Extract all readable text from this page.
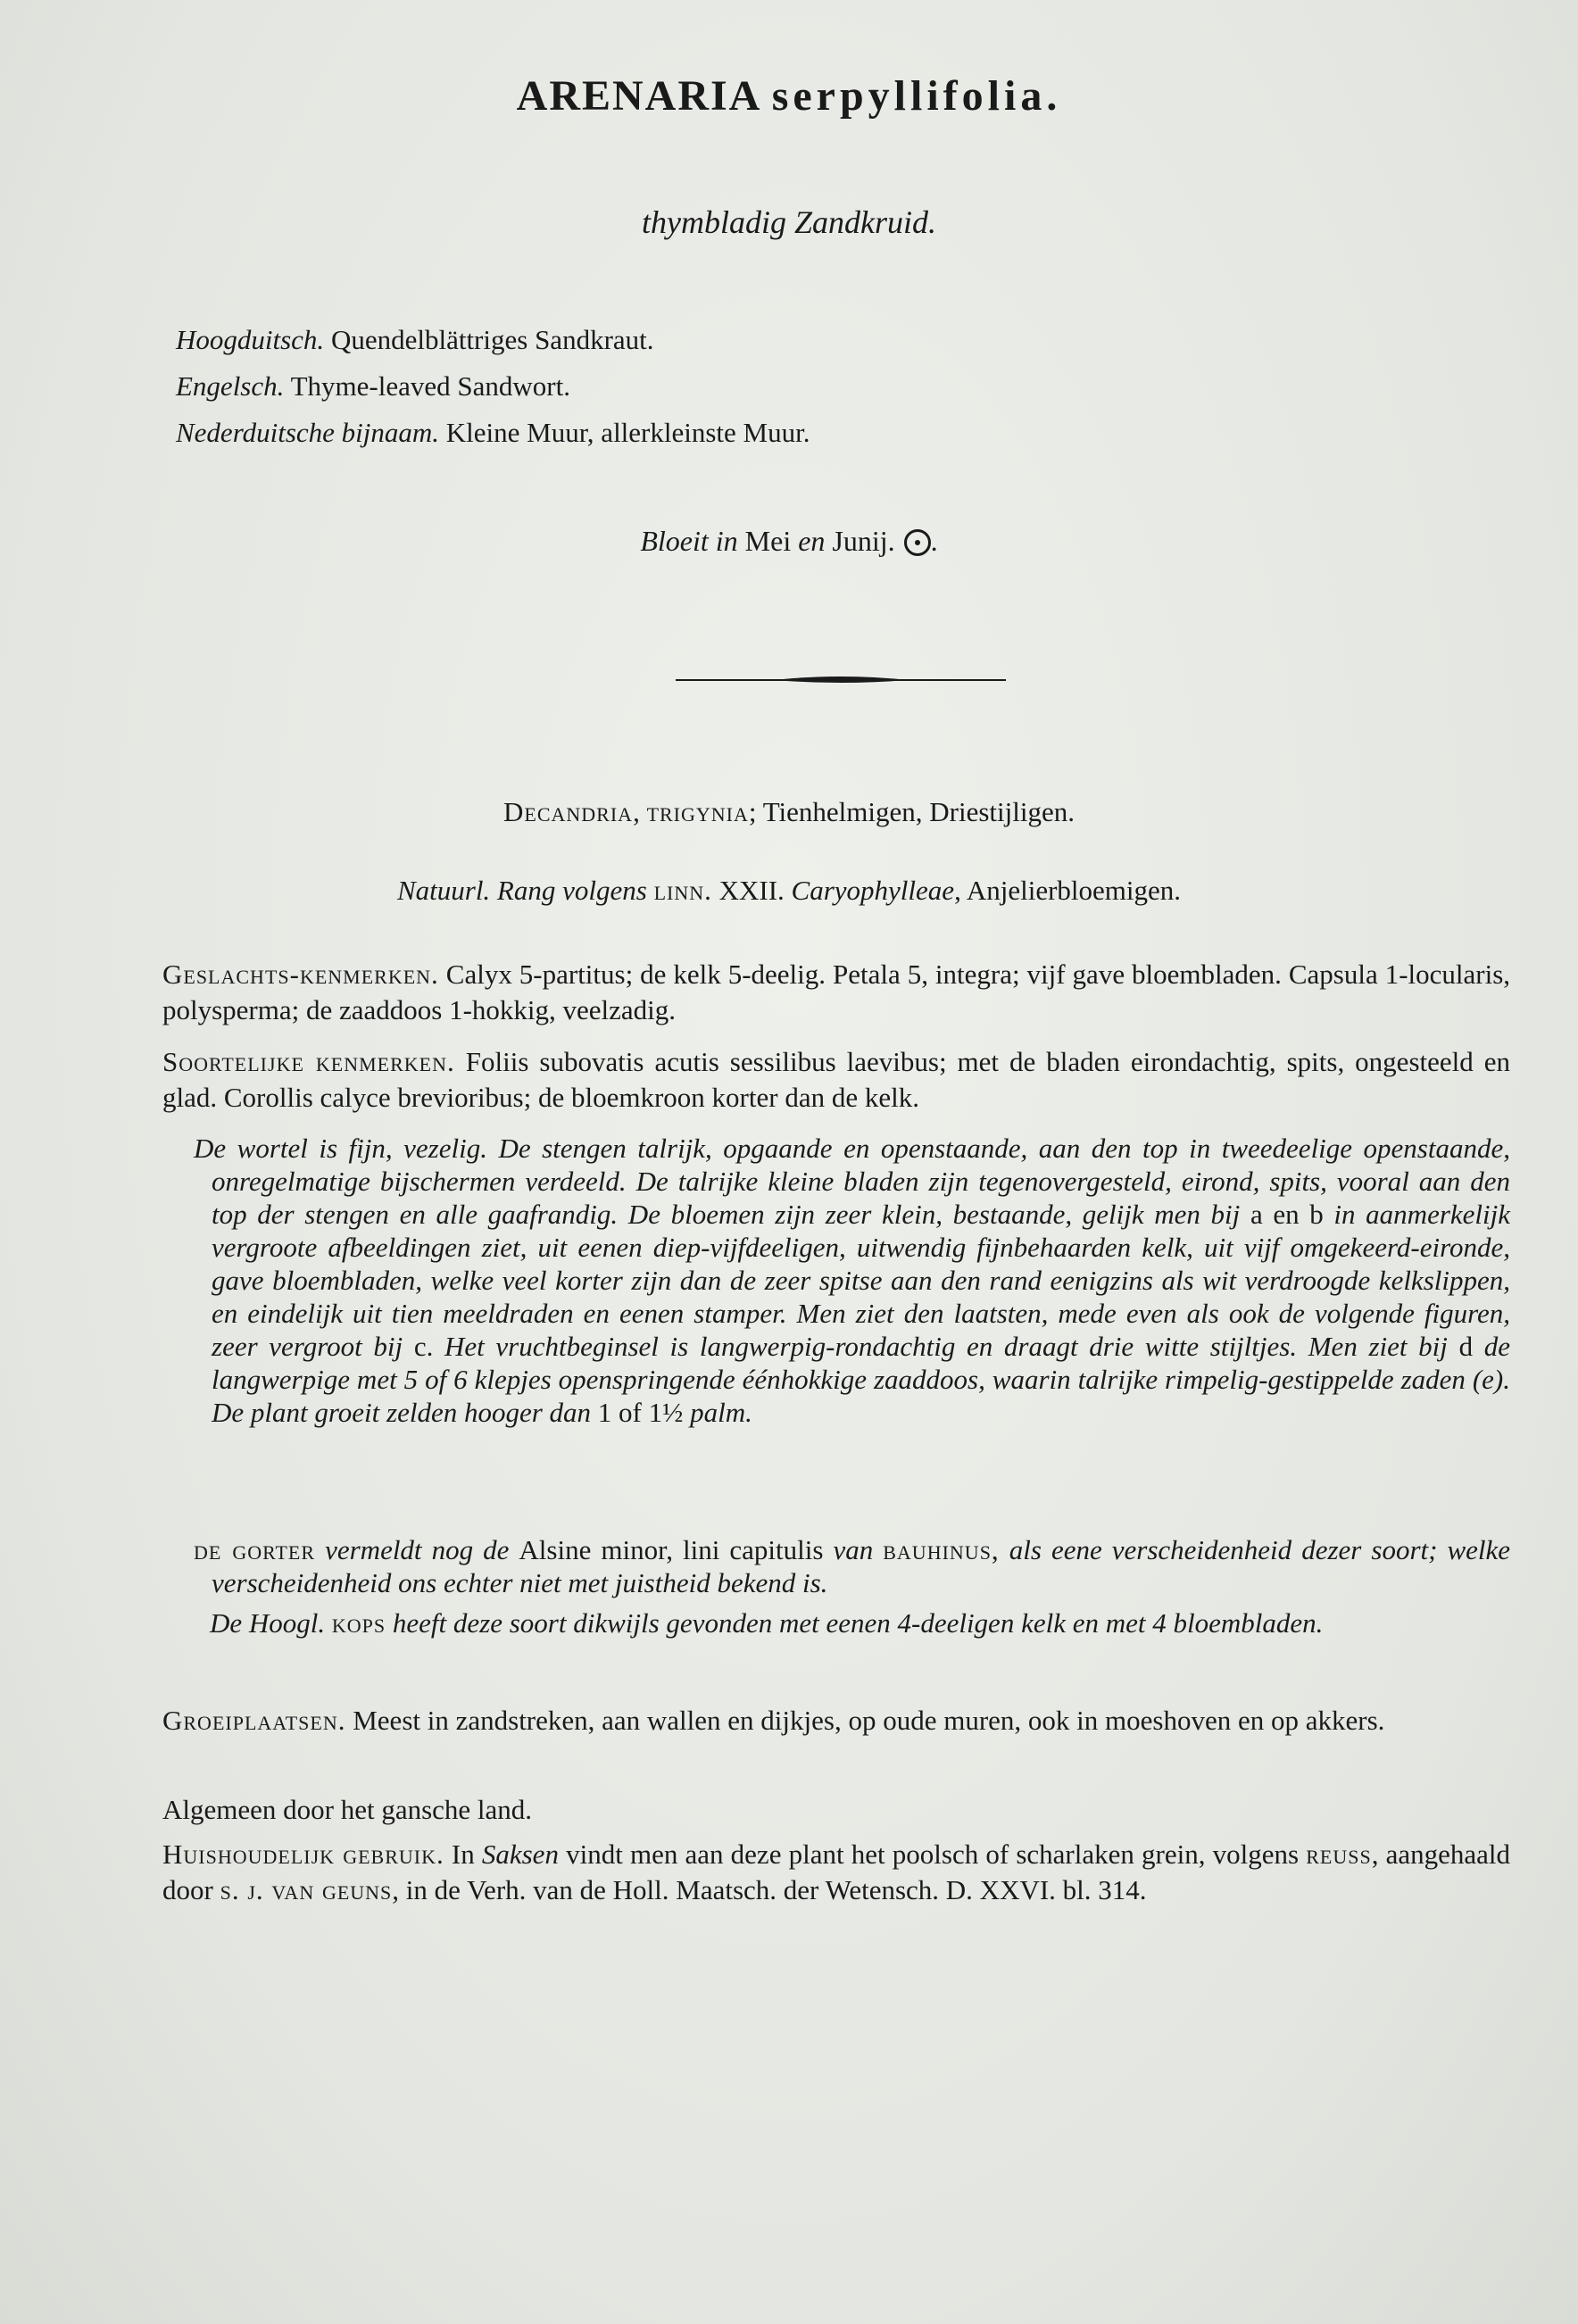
ARENARIA serpyllifolia.
thymbladig Zandkruid.
Hoogduitsch. Quendelblättriges Sandkraut.
Engelsch. Thyme-leaved Sandwort.
Nederduitsche bijnaam. Kleine Muur, allerkleinste Muur.
Bloeit in Mei en Junij. .
Decandria, trigynia; Tienhelmigen, Driestijligen.
Natuurl. Rang volgens linn. XXII. Caryophylleae, Anjelierbloemigen.
Geslachts-kenmerken. Calyx 5-partitus; de kelk 5-deelig. Petala 5, integra; vijf gave bloembladen. Capsula 1-locularis, polysperma; de zaaddoos 1-hokkig, veelzadig.
Soortelijke kenmerken. Foliis subovatis acutis sessilibus laevibus; met de bladen eirondachtig, spits, ongesteeld en glad. Corollis calyce brevioribus; de bloemkroon korter dan de kelk.
De wortel is fijn, vezelig. De stengen talrijk, opgaande en openstaande, aan den top in tweedeelige openstaande, onregelmatige bijschermen verdeeld. De talrijke kleine bladen zijn tegenovergesteld, eirond, spits, vooral aan den top der stengen en alle gaafrandig. De bloemen zijn zeer klein, bestaande, gelijk men bij a en b in aanmerkelijk vergroote afbeeldingen ziet, uit eenen diep-vijfdeeligen, uitwendig fijnbehaarden kelk, uit vijf omgekeerd-eironde, gave bloembladen, welke veel korter zijn dan de zeer spitse aan den rand eenigzins als wit verdroogde kelkslippen, en eindelijk uit tien meeldraden en eenen stamper. Men ziet den laatsten, mede even als ook de volgende figuren, zeer vergroot bij c. Het vruchtbeginsel is langwerpig-rondachtig en draagt drie witte stijltjes. Men ziet bij d de langwerpige met 5 of 6 klepjes openspringende éénhokkige zaaddoos, waarin talrijke rimpelig-gestippelde zaden (e). De plant groeit zelden hooger dan 1 of 1½ palm.
de gorter vermeldt nog de Alsine minor, lini capitulis van bauhinus, als eene verscheidenheid dezer soort; welke verscheidenheid ons echter niet met juistheid bekend is.
De Hoogl. kops heeft deze soort dikwijls gevonden met eenen 4-deeligen kelk en met 4 bloembladen.
Groeiplaatsen. Meest in zandstreken, aan wallen en dijkjes, op oude muren, ook in moeshoven en op akkers.
Algemeen door het gansche land.
Huishoudelijk gebruik. In Saksen vindt men aan deze plant het poolsch of scharlaken grein, volgens reuss, aangehaald door s. j. van geuns, in de Verh. van de Holl. Maatsch. der Wetensch. D. XXVI. bl. 314.
